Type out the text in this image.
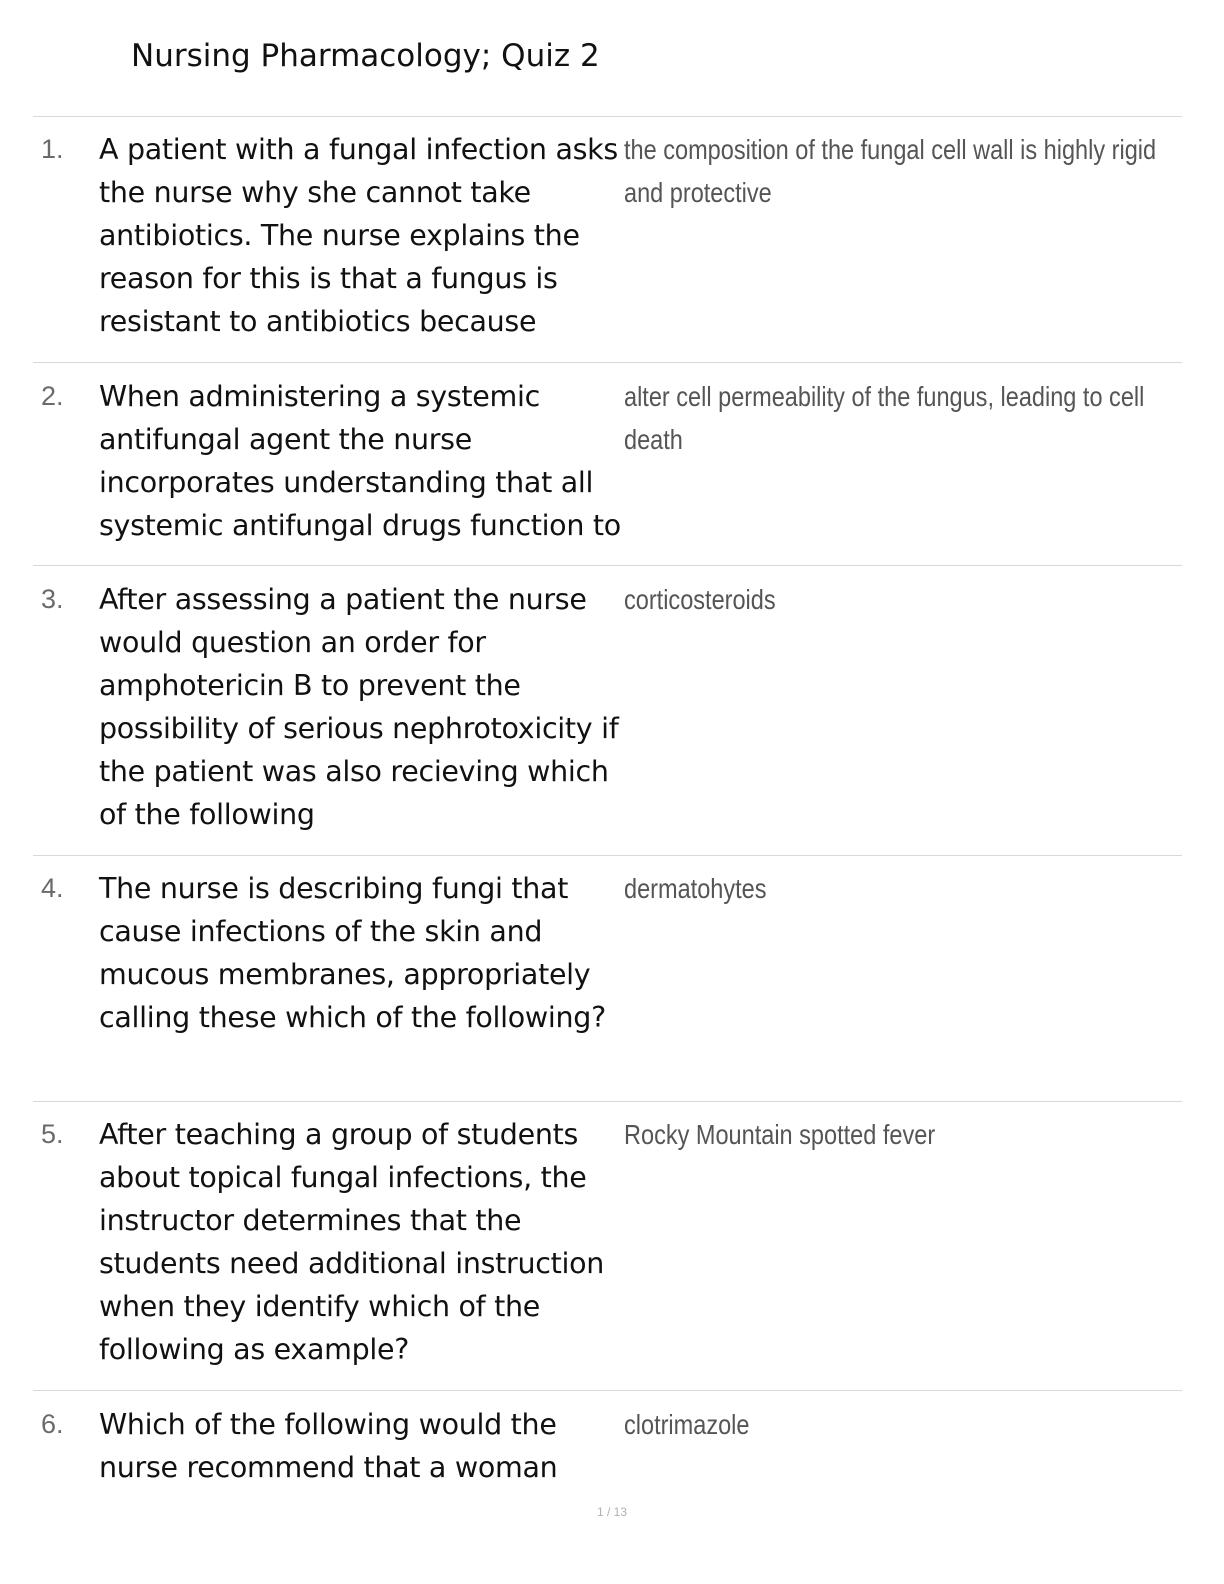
Nursing Pharmacology; Quiz 2
1. A patient with a fungal infection asks the nurse why she cannot take antibiotics. The nurse explains the reason for this is that a fungus is resistant to antibiotics because
the composition of the fungal cell wall is highly rigid and protective
2. When administering a systemic antifungal agent the nurse incorporates understanding that all systemic antifungal drugs function to
alter cell permeability of the fungus, leading to cell death
3. After assessing a patient the nurse would question an order for amphotericin B to prevent the possibility of serious nephrotoxicity if the patient was also recieving which of the following
corticosteroids
4. The nurse is describing fungi that cause infections of the skin and mucous membranes, appropriately calling these which of the following?
dermatohytes
5. After teaching a group of students about topical fungal infections, the instructor determines that the students need additional instruction when they identify which of the following as example?
Rocky Mountain spotted fever
6. Which of the following would the nurse recommend that a woman
clotrimazole
1 / 13
